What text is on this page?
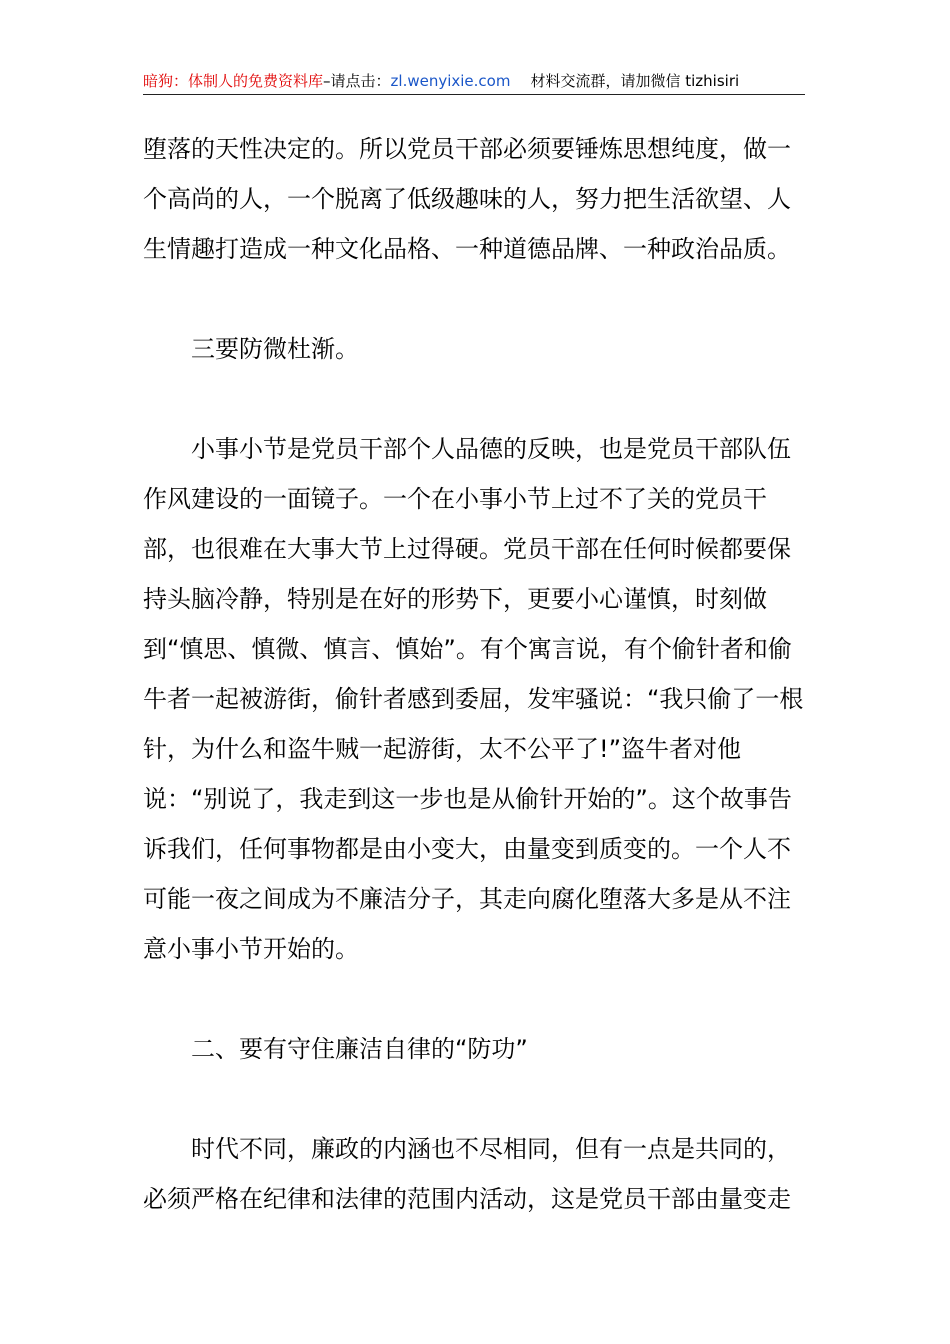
暗狗：体制人的免费资料库–请点击：zl.wenyixie.com 材料交流群，请加微信 tizhisiri

堕落的天性决定的。所以党员干部必须要锤炼思想纯度，做一个高尚的人，一个脱离了低级趣味的人，努力把生活欲望、人生情趣打造成一种文化品格、一种道德品牌、一种政治品质。

三要防微杜渐。

小事小节是党员干部个人品德的反映，也是党员干部队伍作风建设的一面镜子。一个在小事小节上过不了关的党员干部，也很难在大事大节上过得硬。党员干部在任何时候都要保持头脑冷静，特别是在好的形势下，更要小心谨慎，时刻做到“慎思、慎微、慎言、慎始”。有个寓言说，有个偷针者和偷牛者一起被游街，偷针者感到委屈，发牢骚说：“我只偷了一根针，为什么和盗牛贼一起游街，太不公平了!”盗牛者对他说：“别说了，我走到这一步也是从偷针开始的”。这个故事告诉我们，任何事物都是由小变大，由量变到质变的。一个人不可能一夜之间成为不廉洁分子，其走向腐化堕落大多是从不注意小事小节开始的。

二、要有守住廉洁自律的“防功”

时代不同，廉政的内涵也不尽相同，但有一点是共同的，必须严格在纪律和法律的范围内活动，这是党员干部由量变走
